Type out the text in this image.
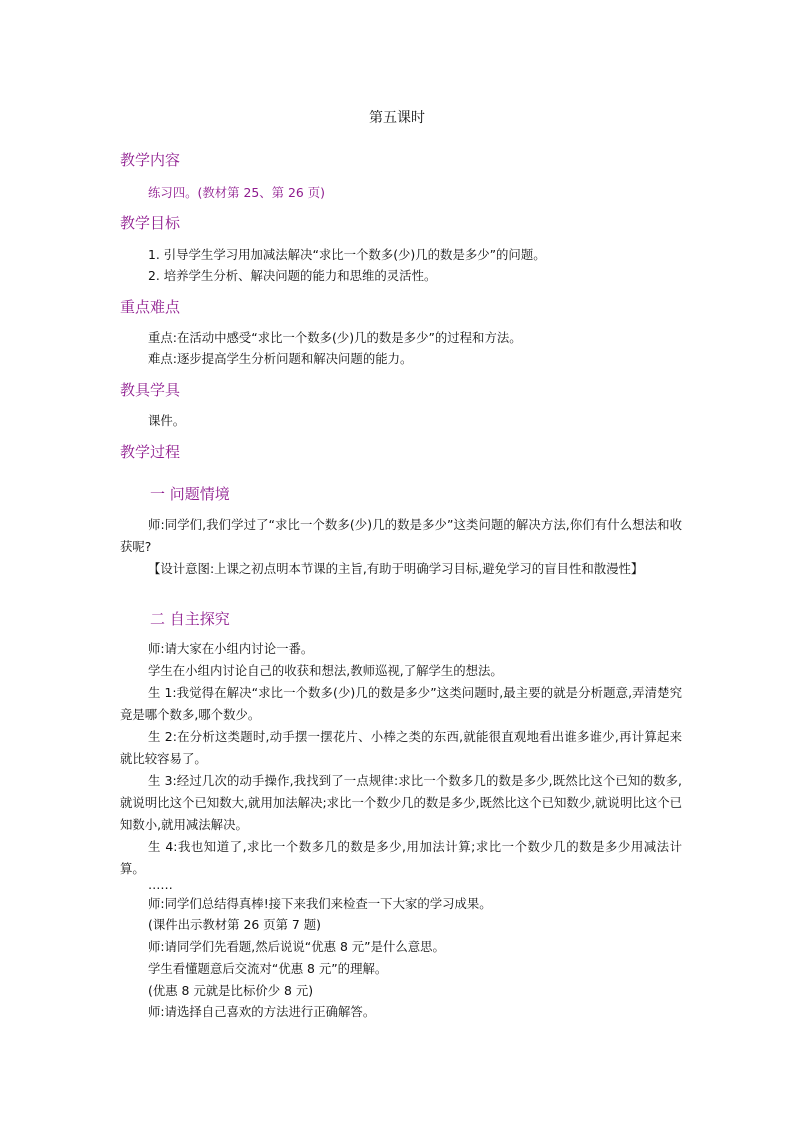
第五课时
教学内容
练习四。(教材第 25、第 26 页)
教学目标
1. 引导学生学习用加减法解决“求比一个数多(少)几的数是多少”的问题。
2. 培养学生分析、解决问题的能力和思维的灵活性。
重点难点
重点:在活动中感受“求比一个数多(少)几的数是多少”的过程和方法。
难点:逐步提高学生分析问题和解决问题的能力。
教具学具
课件。
教学过程
一 问题情境
师:同学们,我们学过了“求比一个数多(少)几的数是多少”这类问题的解决方法,你们有什么想法和收获呢?
【设计意图:上课之初点明本节课的主旨,有助于明确学习目标,避免学习的盲目性和散漫性】
二 自主探究
师:请大家在小组内讨论一番。
学生在小组内讨论自己的收获和想法,教师巡视,了解学生的想法。
生 1:我觉得在解决“求比一个数多(少)几的数是多少”这类问题时,最主要的就是分析题意,弄清楚究竟是哪个数多,哪个数少。
生 2:在分析这类题时,动手摆一摆花片、小棒之类的东西,就能很直观地看出谁多谁少,再计算起来就比较容易了。
生 3:经过几次的动手操作,我找到了一点规律:求比一个数多几的数是多少,既然比这个已知的数多,就说明比这个已知数大,就用加法解决;求比一个数少几的数是多少,既然比这个已知数少,就说明比这个已知数小,就用减法解决。
生 4:我也知道了,求比一个数多几的数是多少,用加法计算;求比一个数少几的数是多少用减法计算。
……
师:同学们总结得真棒!接下来我们来检查一下大家的学习成果。
(课件出示教材第 26 页第 7 题)
师:请同学们先看题,然后说说“优惠 8 元”是什么意思。
学生看懂题意后交流对“优惠 8 元”的理解。
(优惠 8 元就是比标价少 8 元)
师:请选择自己喜欢的方法进行正确解答。
